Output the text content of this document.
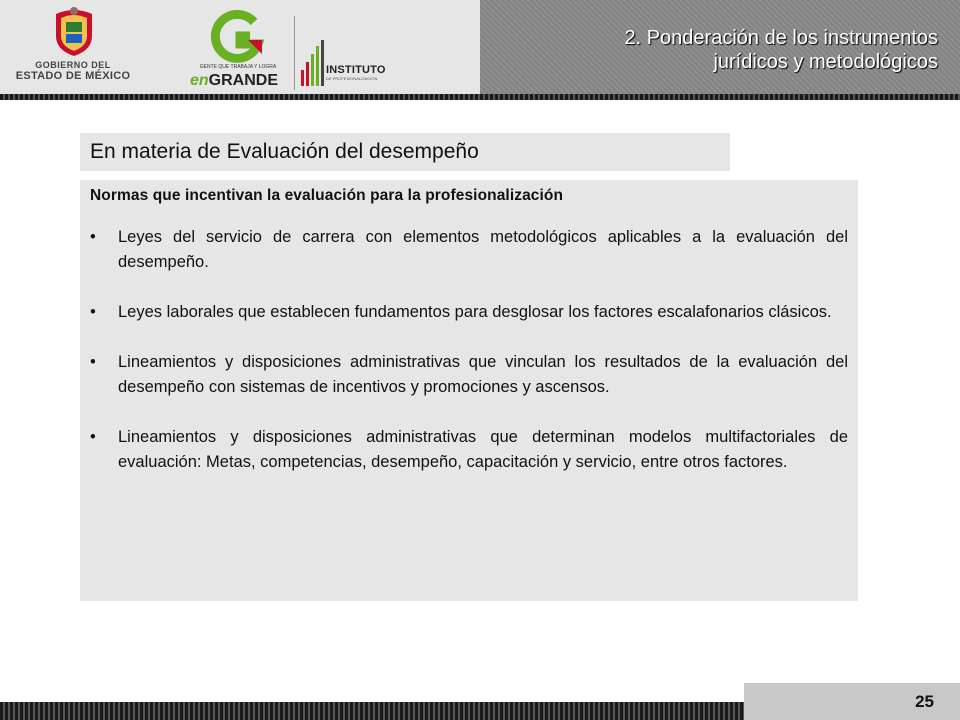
GOBIERNO DEL
ESTADO DE MÉXICO
GENTE QUE TRABAJA Y LOGRA
enGRANDE
INSTITUTO
DE PROFESIONALIZACIÓN
2. Ponderación de los instrumentos
jurídicos y metodológicos
En materia de Evaluación del desempeño
Normas que incentivan la evaluación para la profesionalización
• Leyes del servicio de carrera con elementos metodológicos aplicables a la evaluación del desempeño.
• Leyes laborales que establecen fundamentos para desglosar los factores escalafonarios clásicos.
• Lineamientos y disposiciones administrativas que vinculan los resultados de la evaluación del desempeño con sistemas de incentivos y promociones y ascensos.
• Lineamientos y disposiciones administrativas que determinan modelos multifactoriales de evaluación: Metas, competencias, desempeño, capacitación y servicio, entre otros factores.
25
